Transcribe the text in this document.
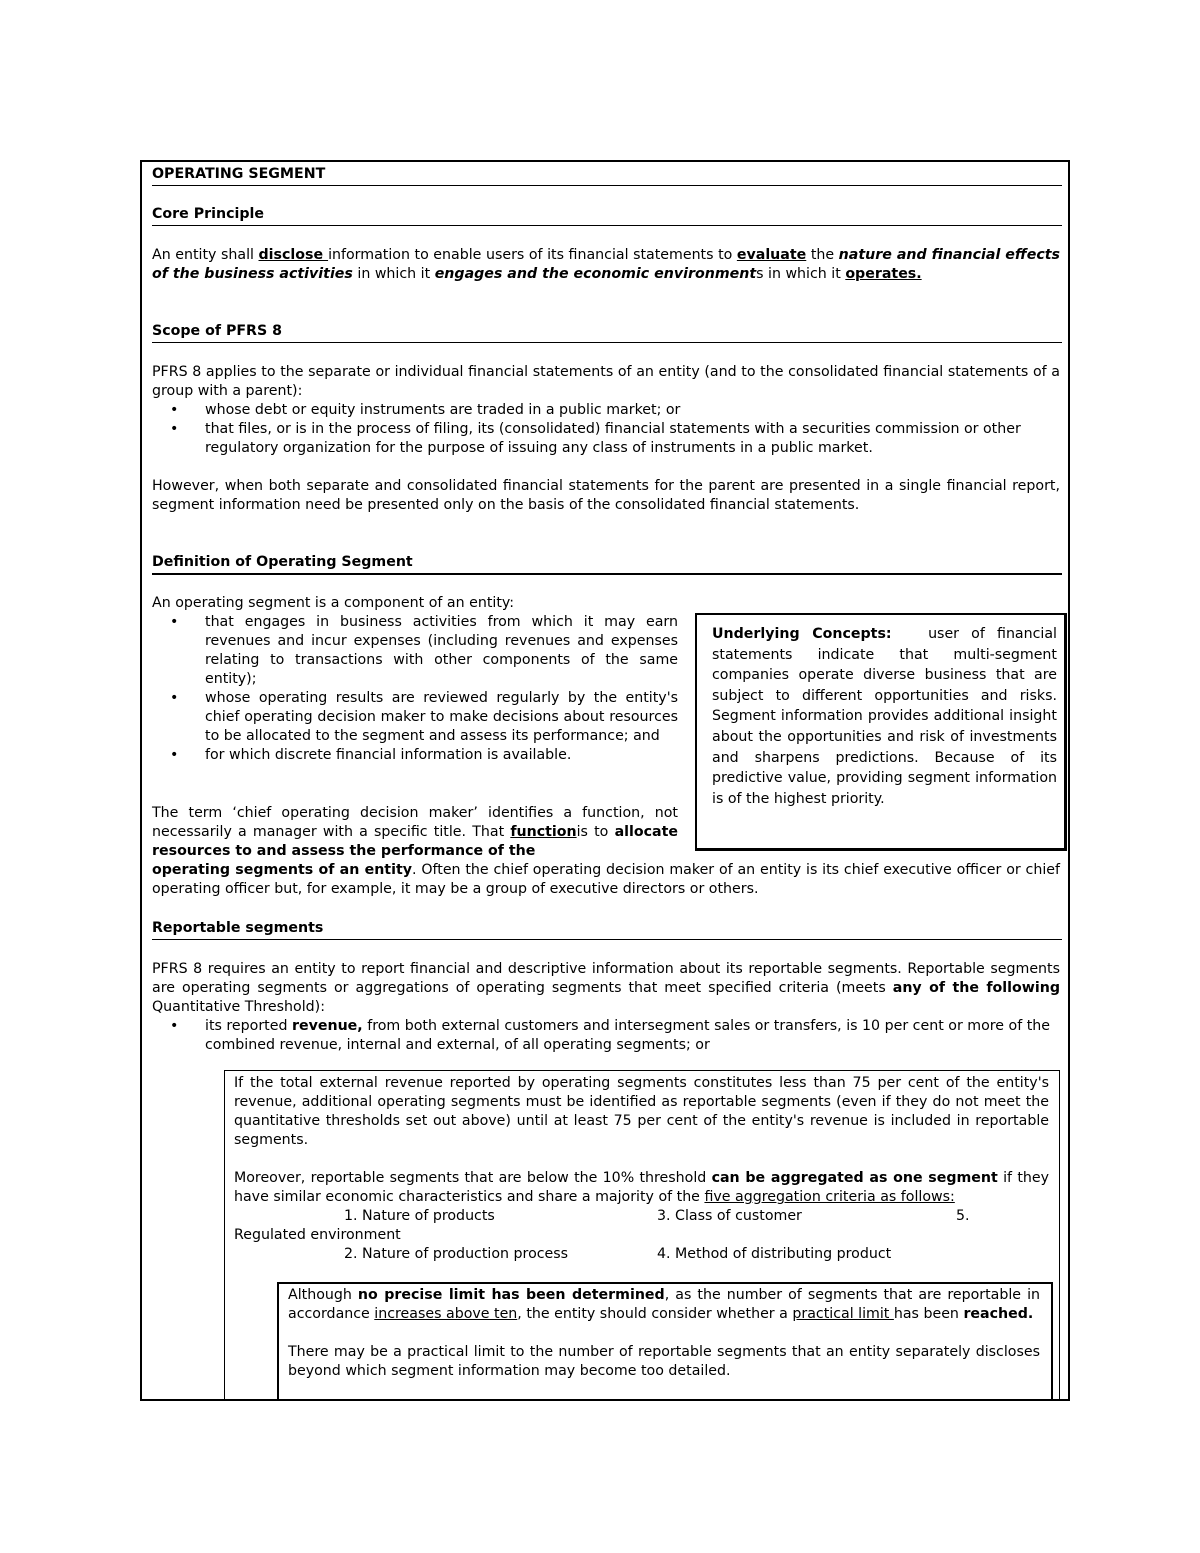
OPERATING SEGMENT
Core Principle
An entity shall disclose information to enable users of its financial statements to evaluate the nature and financial effects of the business activities in which it engages and the economic environments in which it operates.
Scope of PFRS 8
PFRS 8 applies to the separate or individual financial statements of an entity (and to the consolidated financial statements of a group with a parent):
• whose debt or equity instruments are traded in a public market; or
• that files, or is in the process of filing, its (consolidated) financial statements with a securities commission or other regulatory organization for the purpose of issuing any class of instruments in a public market.
However, when both separate and consolidated financial statements for the parent are presented in a single financial report, segment information need be presented only on the basis of the consolidated financial statements.
Definition of Operating Segment
An operating segment is a component of an entity:
• that engages in business activities from which it may earn revenues and incur expenses (including revenues and expenses relating to transactions with other components of the same entity);
• whose operating results are reviewed regularly by the entity's chief operating decision maker to make decisions about resources to be allocated to the segment and assess its performance; and
• for which discrete financial information is available.
The term ‘chief operating decision maker’ identifies a function, not necessarily a manager with a specific title. That functionis to allocate resources to and assess the performance of the
operating segments of an entity. Often the chief operating decision maker of an entity is its chief executive officer or chief operating officer but, for example, it may be a group of executive directors or others.
Underlying Concepts:	user of financial statements indicate that multi-segment companies operate diverse business that are subject to different opportunities and risks. Segment information provides additional insight about the opportunities and risk of investments and sharpens predictions. Because of its predictive value, providing segment information is of the highest priority.
Reportable segments
PFRS 8 requires an entity to report financial and descriptive information about its reportable segments. Reportable segments are operating segments or aggregations of operating segments that meet specified criteria (meets any of the following Quantitative Threshold):
• its reported revenue, from both external customers and intersegment sales or transfers, is 10 per cent or more of the combined revenue, internal and external, of all operating segments; or
If the total external revenue reported by operating segments constitutes less than 75 per cent of the entity's revenue, additional operating segments must be identified as reportable segments (even if they do not meet the quantitative thresholds set out above) until at least 75 per cent of the entity's revenue is included in reportable segments.
Moreover, reportable segments that are below the 10% threshold can be aggregated as one segment if they have similar economic characteristics and share a majority of the five aggregation criteria as follows:
1. Nature of products	3. Class of customer	5.
Regulated environment
2. Nature of production process	4. Method of distributing product
Although no precise limit has been determined, as the number of segments that are reportable in accordance increases above ten, the entity should consider whether a practical limit has been reached.
There may be a practical limit to the number of reportable segments that an entity separately discloses beyond which segment information may become too detailed.
